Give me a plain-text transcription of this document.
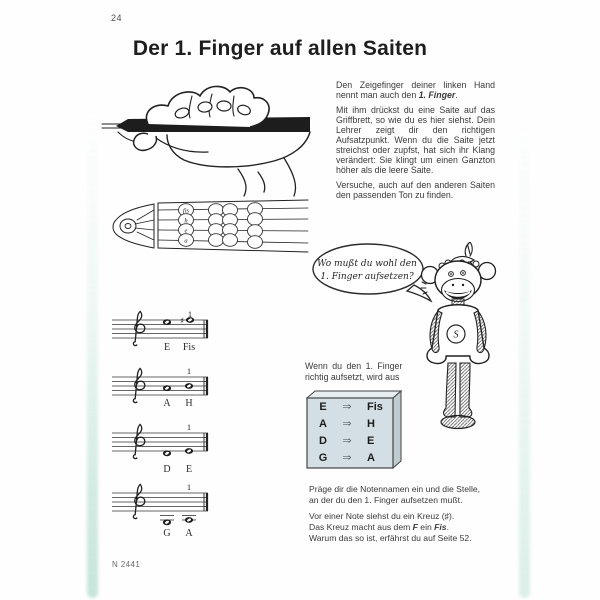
24
Der 1. Finger auf allen Saiten

Den Zeigefinger deiner linken Hand nennt man auch den 1. Finger.

Mit ihm drückst du eine Saite auf das Griffbrett, so wie du es hier siehst. Dein Lehrer zeigt dir den richtigen Aufsatzpunkt. Wenn du die Saite jetzt streichst oder zupfst, hat sich ihr Klang verändert: Sie klingt um einen Ganzton höher als die leere Saite.

Versuche, auch auf den anderen Saiten den passenden Ton zu finden.

fis
h
e
a
Wo mußt du wohl den
1. Finger aufsetzen?
S
♯
1
E Fis
1
A H
1
D E
1
G A
Wenn du den 1. Finger
richtig aufsetzt, wird aus
E	⇒	Fis
A	⇒	H
D	⇒	E
G	⇒	A
Präge dir die Notennamen ein und die Stelle,
an der du den 1. Finger aufsetzen mußt.
Vor einer Note siehst du ein Kreuz (♯).
Das Kreuz macht aus dem F ein Fis.
Warum das so ist, erfährst du auf Seite 52.
N 2441
